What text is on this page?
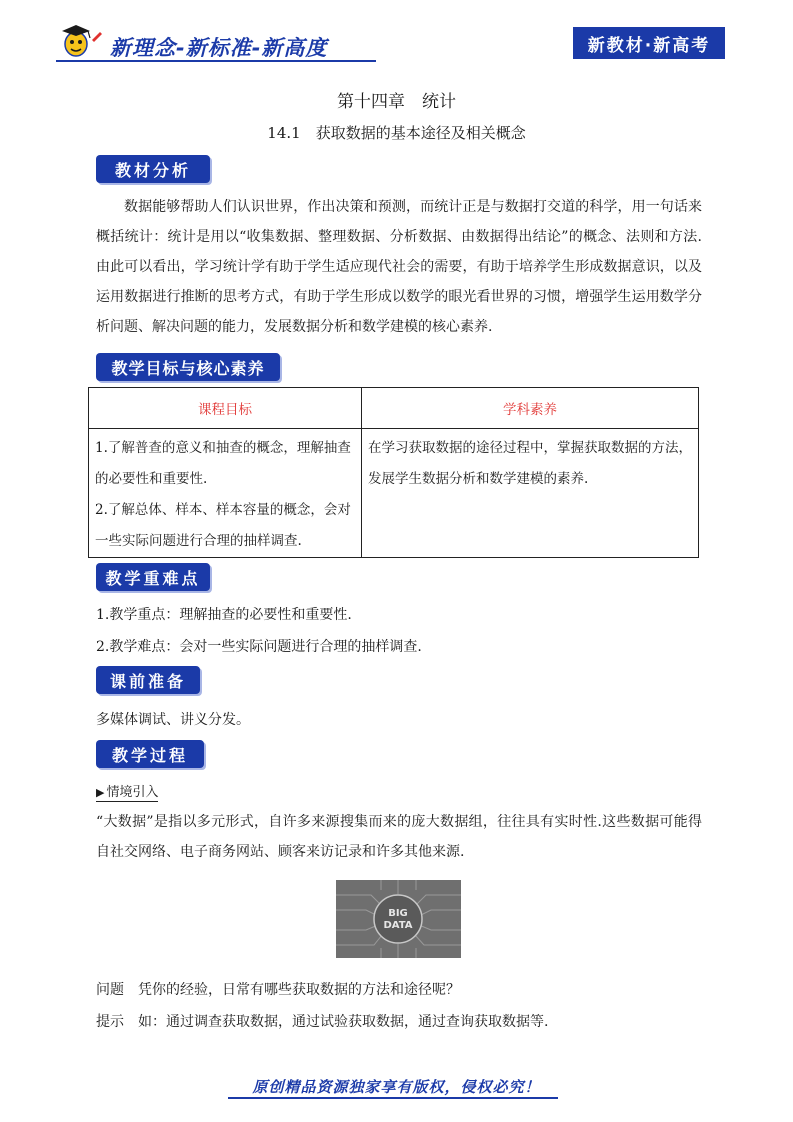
新理念-新标准-新高度	新教材·新高考
第十四章　统计
14.1　获取数据的基本途径及相关概念
教材分析
数据能够帮助人们认识世界，作出决策和预测，而统计正是与数据打交道的科学，用一句话来概括统计：统计是用以“收集数据、整理数据、分析数据、由数据得出结论”的概念、法则和方法.由此可以看出，学习统计学有助于学生适应现代社会的需要，有助于培养学生形成数据意识，以及运用数据进行推断的思考方式，有助于学生形成以数学的眼光看世界的习惯，增强学生运用数学分析问题、解决问题的能力，发展数据分析和数学建模的核心素养.
教学目标与核心素养
课程目标	学科素养

1.了解普查的意义和抽查的概念，理解抽查的必要性和重要性.
2.了解总体、样本、样本容量的概念，会对一些实际问题进行合理的抽样调查.	在学习获取数据的途径过程中，掌握获取数据的方法，发展学生数据分析和数学建模的素养.
教学重难点
1.教学重点：理解抽查的必要性和重要性.
2.教学难点：会对一些实际问题进行合理的抽样调查.
课前准备
多媒体调试、讲义分发。
教学过程
▶ 情境引入
“大数据”是指以多元形式，自许多来源搜集而来的庞大数据组，往往具有实时性.这些数据可能得自社交网络、电子商务网站、顾客来访记录和许多其他来源.
BIG
DATA
问题　凭你的经验，日常有哪些获取数据的方法和途径呢？
提示　如：通过调查获取数据，通过试验获取数据，通过查询获取数据等.
原创精品资源独家享有版权，侵权必究！
